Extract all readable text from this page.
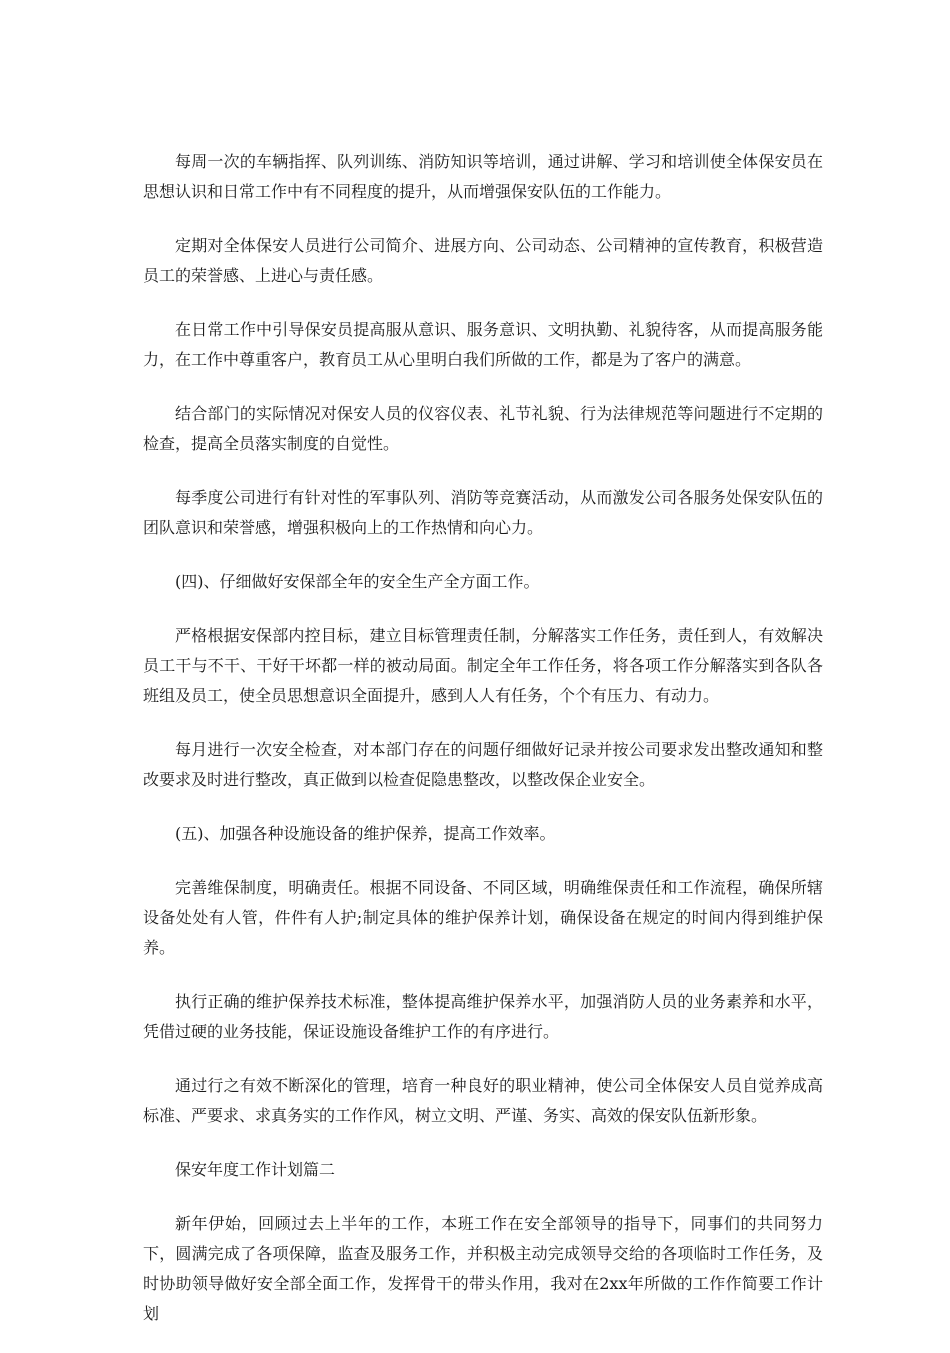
每周一次的车辆指挥、队列训练、消防知识等培训，通过讲解、学习和培训使全体保安员在思想认识和日常工作中有不同程度的提升，从而增强保安队伍的工作能力。

定期对全体保安人员进行公司简介、进展方向、公司动态、公司精神的宣传教育，积极营造员工的荣誉感、上进心与责任感。

在日常工作中引导保安员提高服从意识、服务意识、文明执勤、礼貌待客，从而提高服务能力，在工作中尊重客户，教育员工从心里明白我们所做的工作，都是为了客户的满意。

结合部门的实际情况对保安人员的仪容仪表、礼节礼貌、行为法律规范等问题进行不定期的检查，提高全员落实制度的自觉性。

每季度公司进行有针对性的军事队列、消防等竞赛活动，从而激发公司各服务处保安队伍的团队意识和荣誉感，增强积极向上的工作热情和向心力。

(四)、仔细做好安保部全年的安全生产全方面工作。

严格根据安保部内控目标，建立目标管理责任制，分解落实工作任务，责任到人，有效解决员工干与不干、干好干坏都一样的被动局面。制定全年工作任务，将各项工作分解落实到各队各班组及员工，使全员思想意识全面提升，感到人人有任务，个个有压力、有动力。

每月进行一次安全检查，对本部门存在的问题仔细做好记录并按公司要求发出整改通知和整改要求及时进行整改，真正做到以检查促隐患整改，以整改保企业安全。

(五)、加强各种设施设备的维护保养，提高工作效率。

完善维保制度，明确责任。根据不同设备、不同区域，明确维保责任和工作流程，确保所辖设备处处有人管，件件有人护;制定具体的维护保养计划，确保设备在规定的时间内得到维护保养。

执行正确的维护保养技术标准，整体提高维护保养水平，加强消防人员的业务素养和水平，凭借过硬的业务技能，保证设施设备维护工作的有序进行。

通过行之有效不断深化的管理，培育一种良好的职业精神，使公司全体保安人员自觉养成高标准、严要求、求真务实的工作作风，树立文明、严谨、务实、高效的保安队伍新形象。

保安年度工作计划篇二

新年伊始，回顾过去上半年的工作，本班工作在安全部领导的指导下，同事们的共同努力下，圆满完成了各项保障，监查及服务工作，并积极主动完成领导交给的各项临时工作任务，及时协助领导做好安全部全面工作，发挥骨干的带头作用，我对在2xx年所做的工作作简要工作计划
